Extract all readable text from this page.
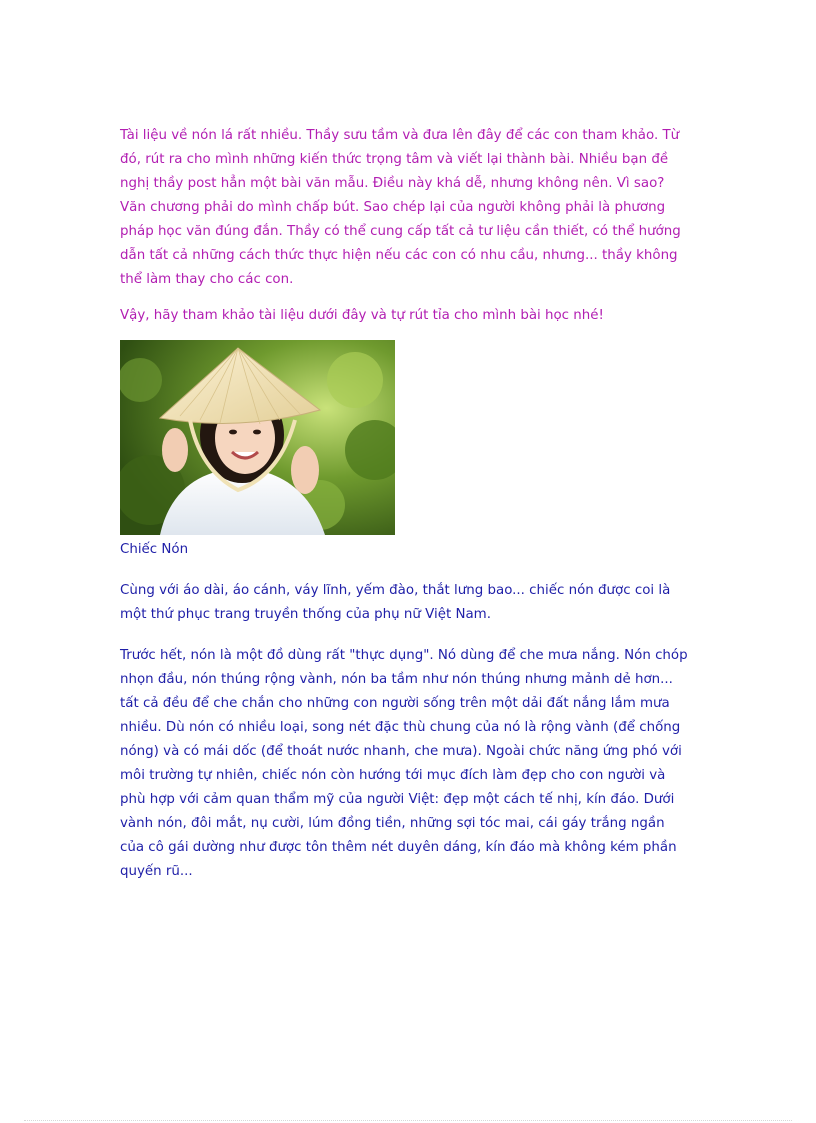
Tài liệu về nón lá rất nhiều. Thầy sưu tầm và đưa lên đây để các con tham khảo. Từ
đó, rút ra cho mình những kiến thức trọng tâm và viết lại thành bài. Nhiều bạn đề
nghị thầy post hẳn một bài văn mẫu. Điều này khá dễ, nhưng không nên. Vì sao?
Văn chương phải do mình chấp bút. Sao chép lại của người không phải là phương
pháp học văn đúng đắn. Thầy có thể cung cấp tất cả tư liệu cần thiết, có thể hướng
dẫn tất cả những cách thức thực hiện nếu các con có nhu cầu, nhưng... thầy không
thể làm thay cho các con.
Vậy, hãy tham khảo tài liệu dưới đây và tự rút tỉa cho mình bài học nhé!
Chiếc Nón
Cùng với áo dài, áo cánh, váy lĩnh, yếm đào, thắt lưng bao... chiếc nón được coi là
một thứ phục trang truyền thống của phụ nữ Việt Nam.
Trước hết, nón là một đồ dùng rất "thực dụng". Nó dùng để che mưa nắng. Nón chóp
nhọn đầu, nón thúng rộng vành, nón ba tầm như nón thúng nhưng mảnh dẻ hơn...
tất cả đều để che chắn cho những con người sống trên một dải đất nắng lắm mưa
nhiều. Dù nón có nhiều loại, song nét đặc thù chung của nó là rộng vành (để chống
nóng) và có mái dốc (để thoát nước nhanh, che mưa). Ngoài chức năng ứng phó với
môi trường tự nhiên, chiếc nón còn hướng tới mục đích làm đẹp cho con người và
phù hợp với cảm quan thẩm mỹ của người Việt: đẹp một cách tế nhị, kín đáo. Dưới
vành nón, đôi mắt, nụ cười, lúm đồng tiền, những sợi tóc mai, cái gáy trắng ngần
của cô gái dường như được tôn thêm nét duyên dáng, kín đáo mà không kém phần
quyến rũ...
